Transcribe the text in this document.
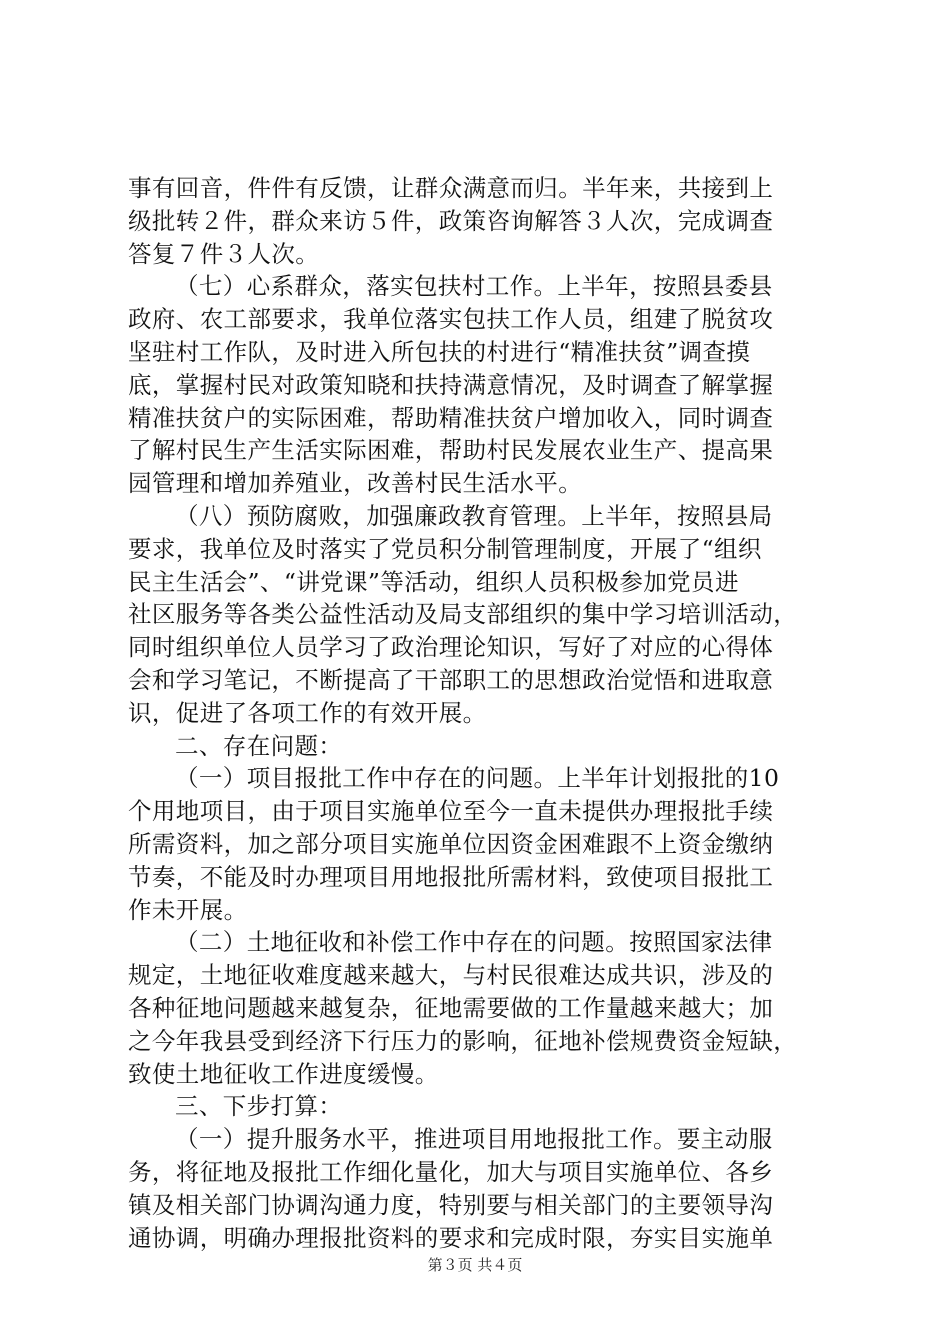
事有回音，件件有反馈，让群众满意而归。半年来，共接到上
级批转２件，群众来访５件，政策咨询解答３人次，完成调查
答复７件３人次。
（七）心系群众，落实包扶村工作。上半年，按照县委县
政府、农工部要求，我单位落实包扶工作人员，组建了脱贫攻
坚驻村工作队，及时进入所包扶的村进行“精准扶贫”调查摸
底，掌握村民对政策知晓和扶持满意情况，及时调查了解掌握
精准扶贫户的实际困难，帮助精准扶贫户增加收入，同时调查
了解村民生产生活实际困难，帮助村民发展农业生产、提高果
园管理和增加养殖业，改善村民生活水平。
（八）预防腐败，加强廉政教育管理。上半年，按照县局
要求，我单位及时落实了党员积分制管理制度，开展了“组织
民主生活会”、“讲党课”等活动，组织人员积极参加党员进
社区服务等各类公益性活动及局支部组织的集中学习培训活动，
同时组织单位人员学习了政治理论知识，写好了对应的心得体
会和学习笔记，不断提高了干部职工的思想政治觉悟和进取意
识，促进了各项工作的有效开展。
二、存在问题：
（一）项目报批工作中存在的问题。上半年计划报批的10
个用地项目，由于项目实施单位至今一直未提供办理报批手续
所需资料，加之部分项目实施单位因资金困难跟不上资金缴纳
节奏，不能及时办理项目用地报批所需材料，致使项目报批工
作未开展。
（二）土地征收和补偿工作中存在的问题。按照国家法律
规定，土地征收难度越来越大，与村民很难达成共识，涉及的
各种征地问题越来越复杂，征地需要做的工作量越来越大；加
之今年我县受到经济下行压力的影响，征地补偿规费资金短缺，
致使土地征收工作进度缓慢。
三、下步打算：
（一）提升服务水平，推进项目用地报批工作。要主动服
务，将征地及报批工作细化量化，加大与项目实施单位、各乡
镇及相关部门协调沟通力度，特别要与相关部门的主要领导沟
通协调，明确办理报批资料的要求和完成时限，夯实目实施单
第３页 共４页
